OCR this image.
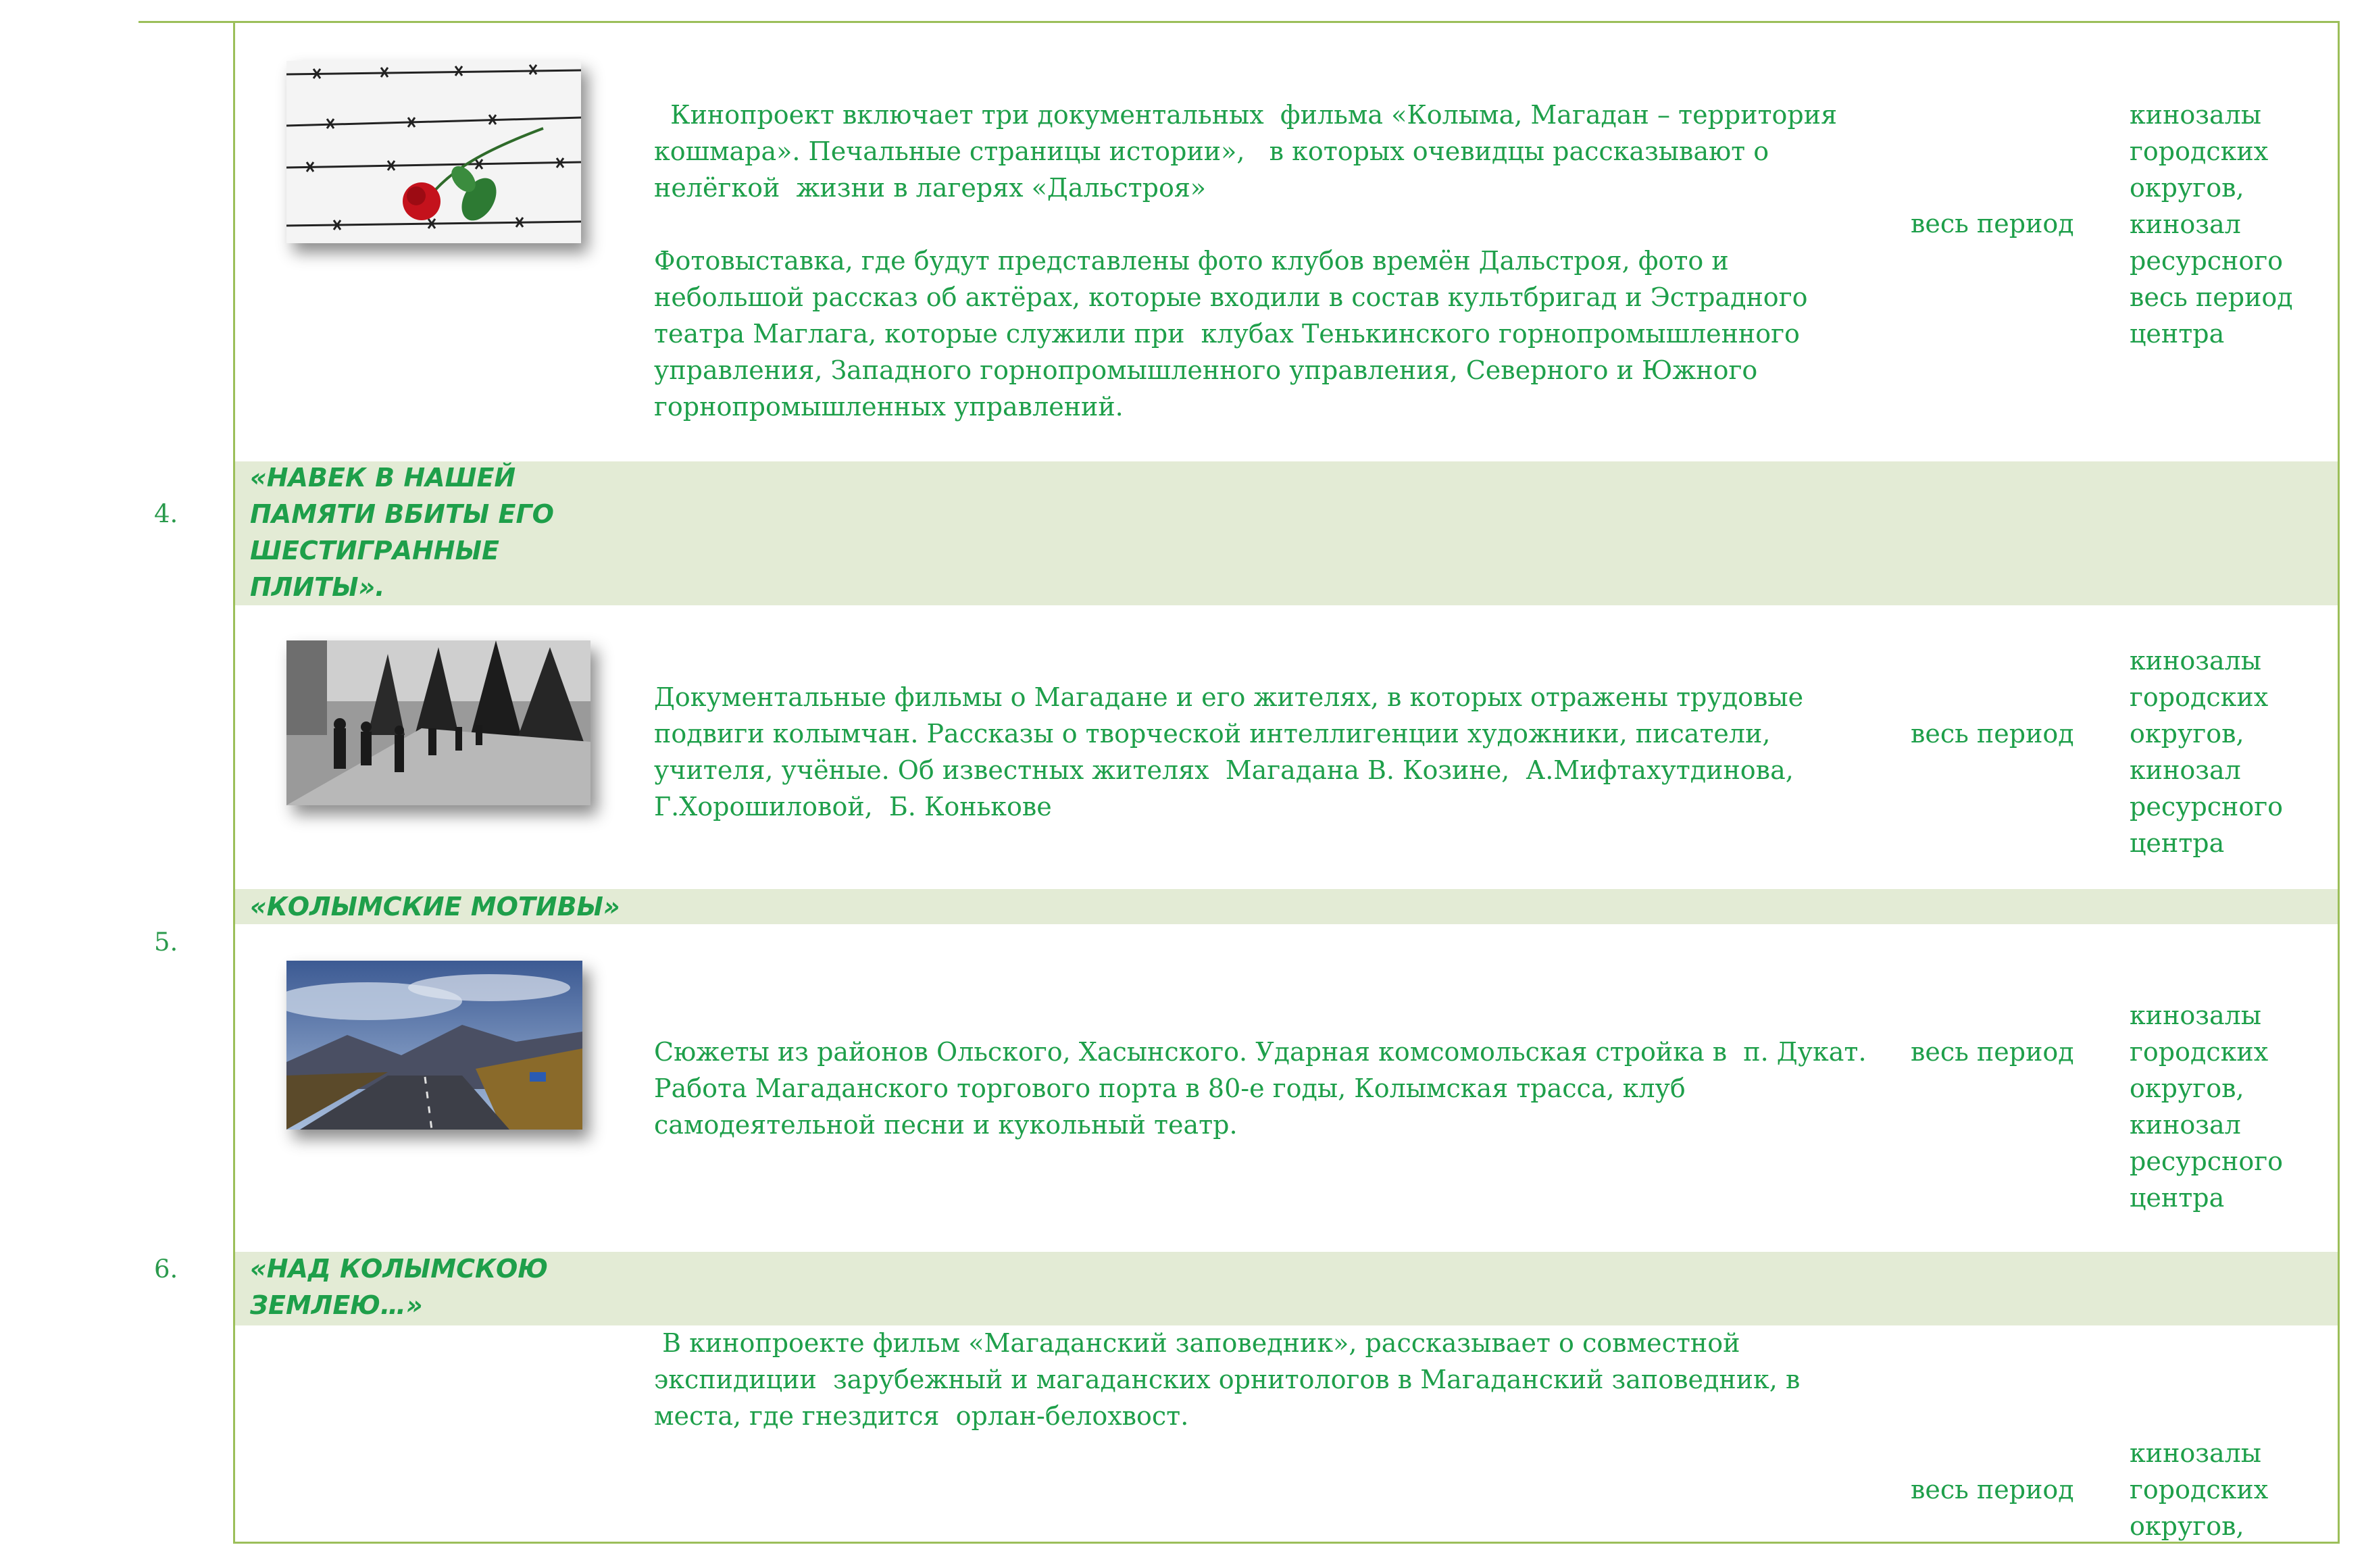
Кинопроект включает три документальных  фильма «Колыма, Магадан – территория кошмара». Печальные страницы истории»,   в которых очевидцы рассказывают о нелёгкой  жизни в лагерях «Дальстроя»

Фотовыставка, где будут представлены фото клубов времён Дальстроя, фото и небольшой рассказ об актёрах, которые входили в состав культбригад и Эстрадного театра Маглага, которые служили при  клубах Тенькинского горнопромышленного управления, Западного горнопромышленного управления, Северного и Южного горнопромышленных управлений.

весь период
кинозалы
городских
округов,
кинозал
ресурсного
весь период
центра
4.

«НАВЕК В НАШЕЙ ПАМЯТИ ВБИТЫ ЕГО ШЕСТИГРАННЫЕ ПЛИТЫ».

Документальные фильмы о Магадане и его жителях, в которых отражены трудовые подвиги колымчан. Рассказы о творческой интеллигенции художники, писатели, учителя, учёные. Об известных жителях  Магадана В. Козине,  А.Мифтахутдинова, Г.Хорошиловой,  Б. Конькове

весь период
кинозалы
городских
округов,
кинозал
ресурсного
центра
5.

«КОЛЫМСКИЕ МОТИВЫ»

Сюжеты из районов Ольского, Хасынского. Ударная комсомольская стройка в  п. Дукат. Работа Магаданского торгового порта в 80-е годы, Колымская трасса, клуб самодеятельной песни и кукольный театр.

весь период
кинозалы
городских
округов,
кинозал
ресурсного
центра
6.	«НАД КОЛЫМСКОЮ ЗЕМЛЕЮ…»

В кинопроекте фильм «Магаданский заповедник», рассказывает о совместной экспидиции  зарубежный и магаданских орнитологов в Магаданский заповедник, в места, где гнездится  орлан-белохвост.

весь период
кинозалы
городских
округов,
